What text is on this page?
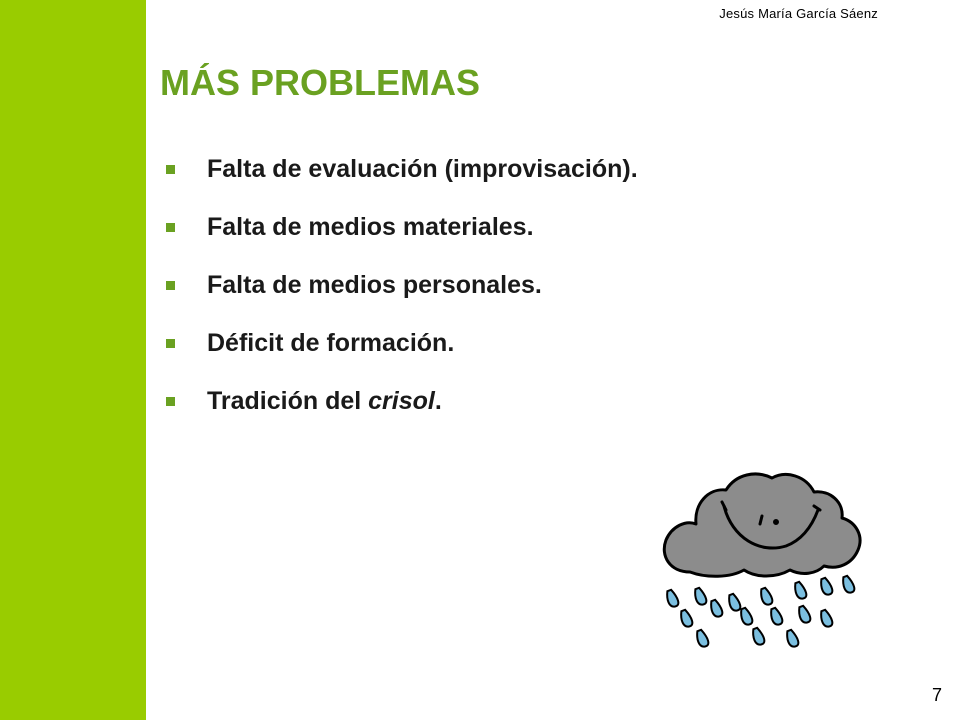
Jesús María García Sáenz
MÁS PROBLEMAS
Falta de evaluación (improvisación).
Falta de medios materiales.
Falta de medios personales.
Déficit de formación.
Tradición del crisol.
7
